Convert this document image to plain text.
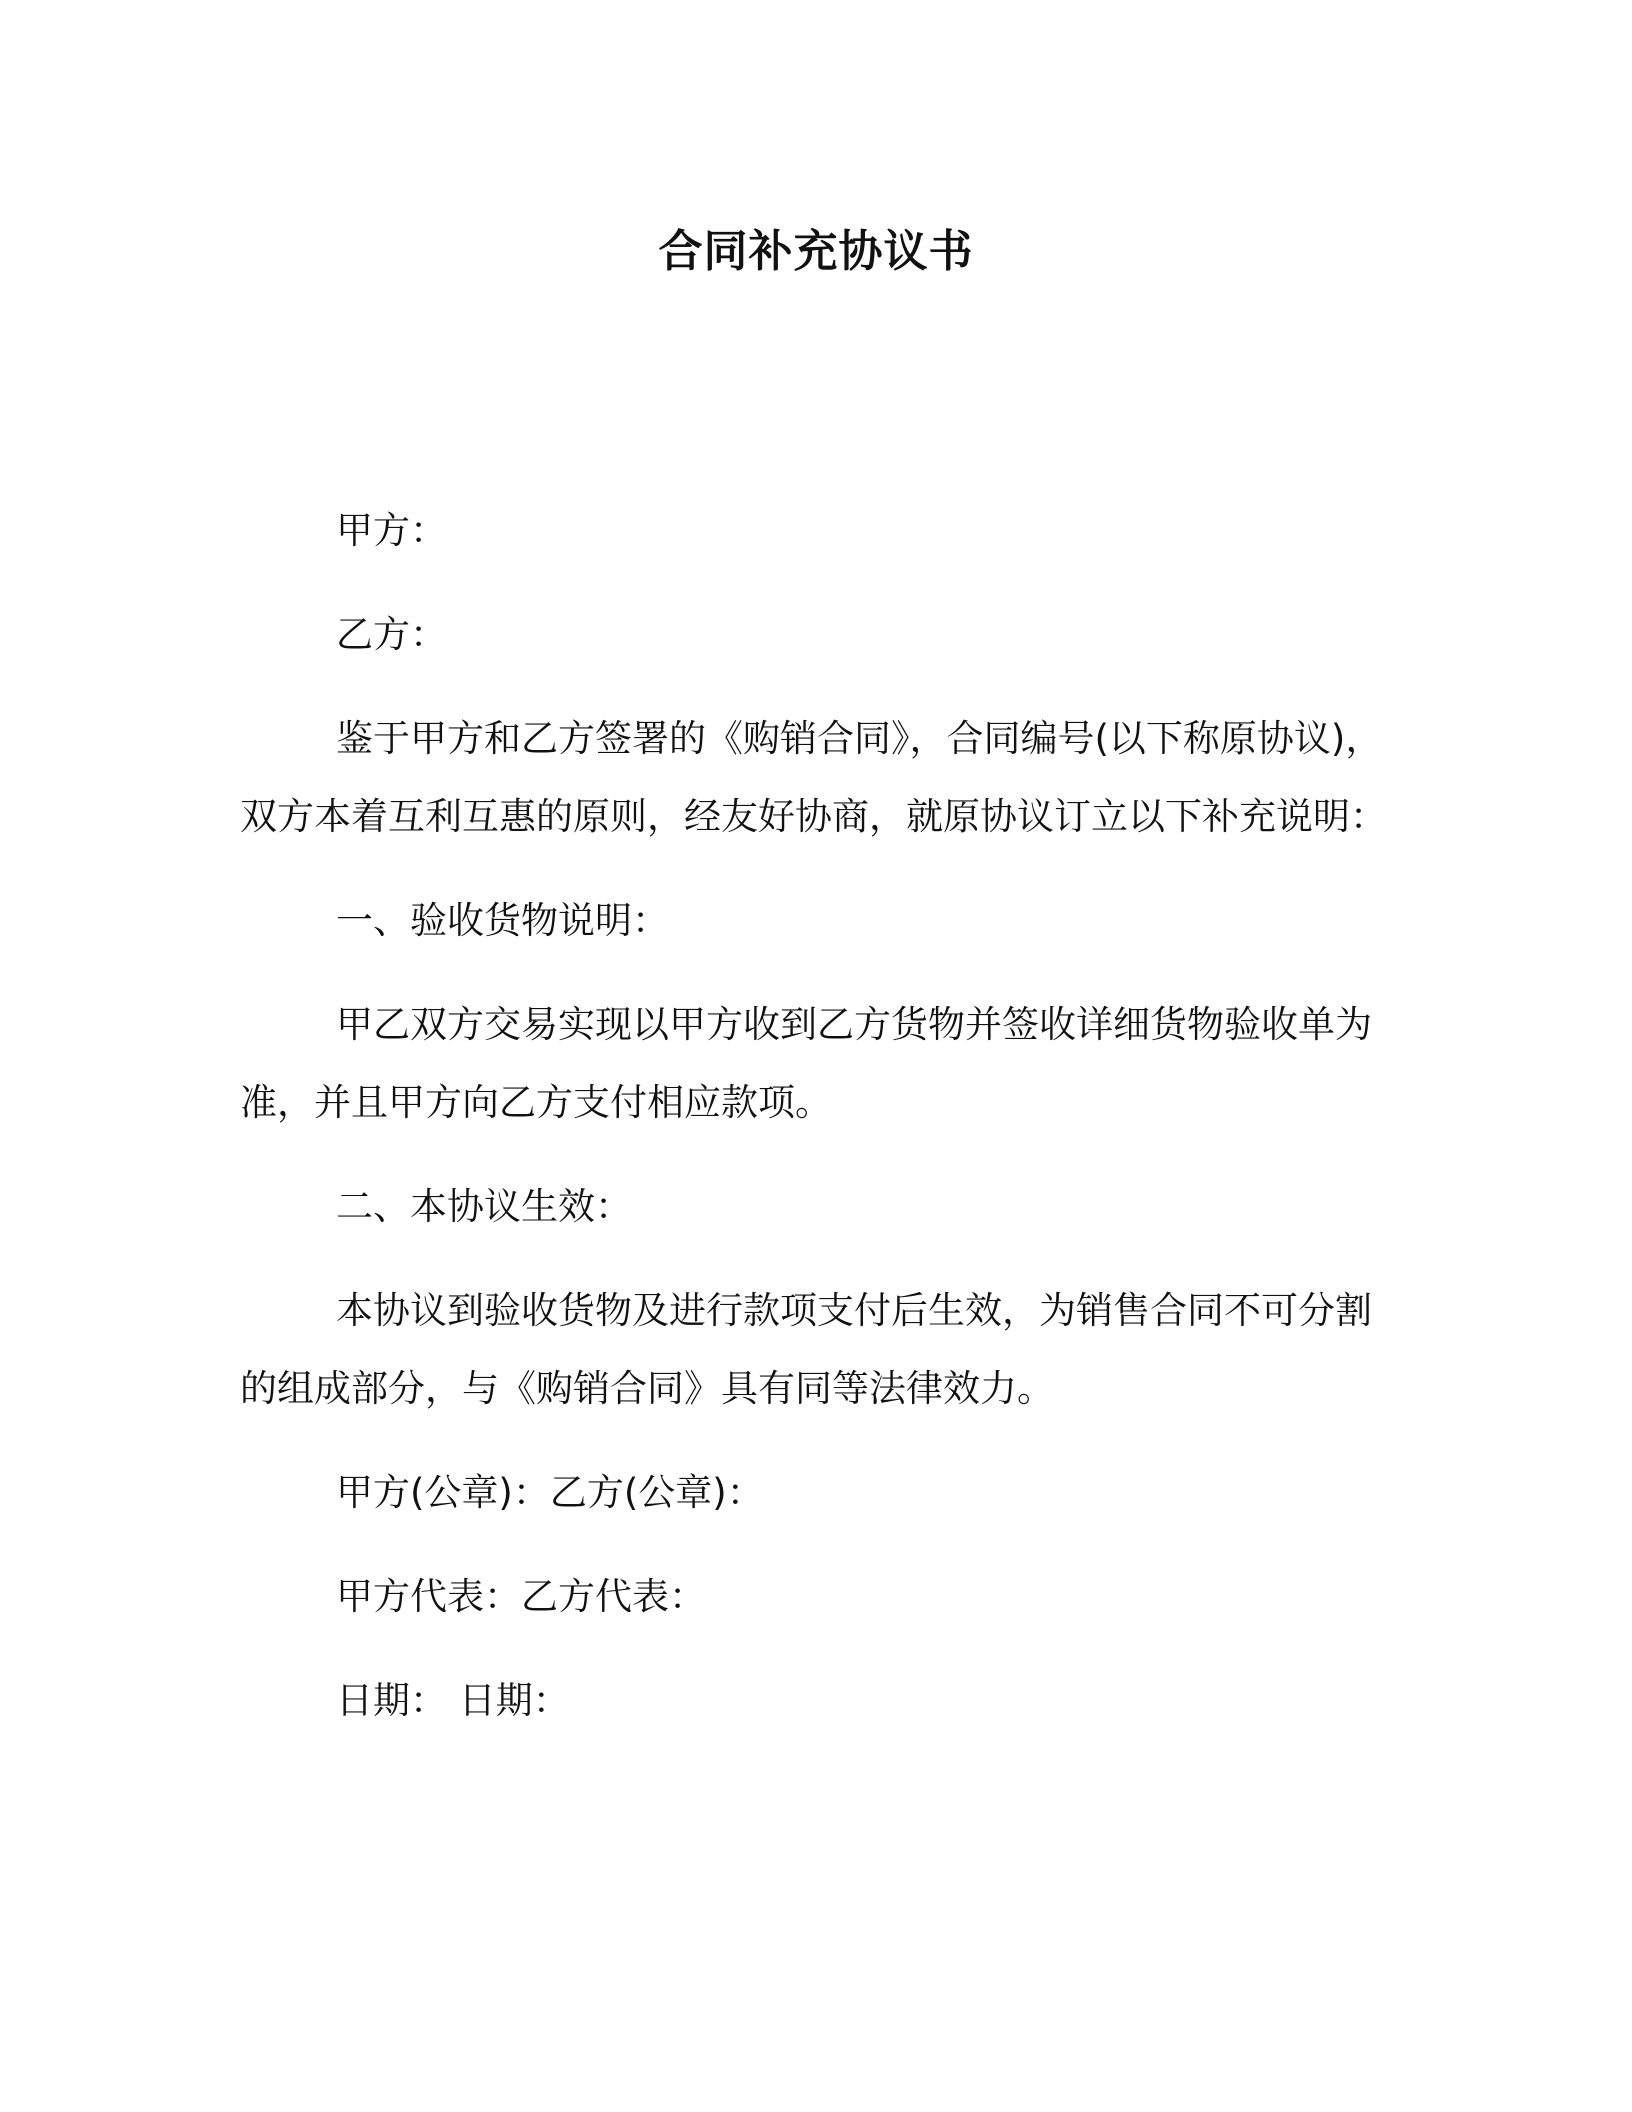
合同补充协议书

甲方：

乙方：

鉴于甲方和乙方签署的《购销合同》，合同编号(以下称原协议)，
双方本着互利互惠的原则，经友好协商，就原协议订立以下补充说明：

一、验收货物说明：

甲乙双方交易实现以甲方收到乙方货物并签收详细货物验收单为
准，并且甲方向乙方支付相应款项。

二、本协议生效：

本协议到验收货物及进行款项支付后生效，为销售合同不可分割
的组成部分，与《购销合同》具有同等法律效力。

甲方(公章)：乙方(公章)：

甲方代表：乙方代表：

日期： 日期：
